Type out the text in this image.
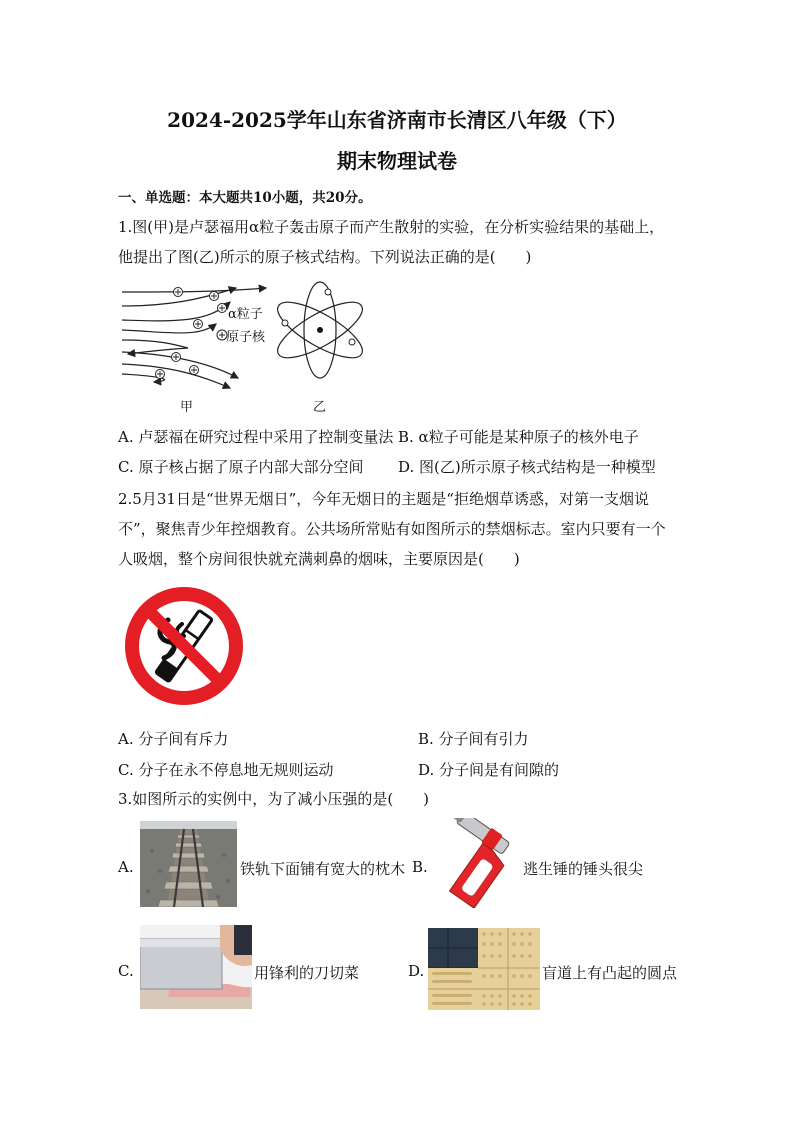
2024-2025学年山东省济南市长清区八年级（下）
期末物理试卷
一、单选题：本大题共10小题，共20分。
1.图(甲)是卢瑟福用α粒子轰击原子而产生散射的实验，在分析实验结果的基础上，他提出了图(乙)所示的原子核式结构。下列说法正确的是(　　)
α粒子
原子核
甲	乙
A. 卢瑟福在研究过程中采用了控制变量法 B. α粒子可能是某种原子的核外电子
C. 原子核占据了原子内部大部分空间 D. 图(乙)所示原子核式结构是一种模型
2.5月31日是“世界无烟日”，今年无烟日的主题是“拒绝烟草诱惑，对第一支烟说不”，聚焦青少年控烟教育。公共场所常贴有如图所示的禁烟标志。室内只要有一个人吸烟，整个房间很快就充满刺鼻的烟味，主要原因是(　　)
A. 分子间有斥力	B. 分子间有引力
C. 分子在永不停息地无规则运动	D. 分子间是有间隙的
3.如图所示的实例中，为了减小压强的是(　　)
A.	铁轨下面铺有宽大的枕木 B.	逃生锤的锤头很尖
C.	用锋利的刀切菜	D.	盲道上有凸起的圆点
